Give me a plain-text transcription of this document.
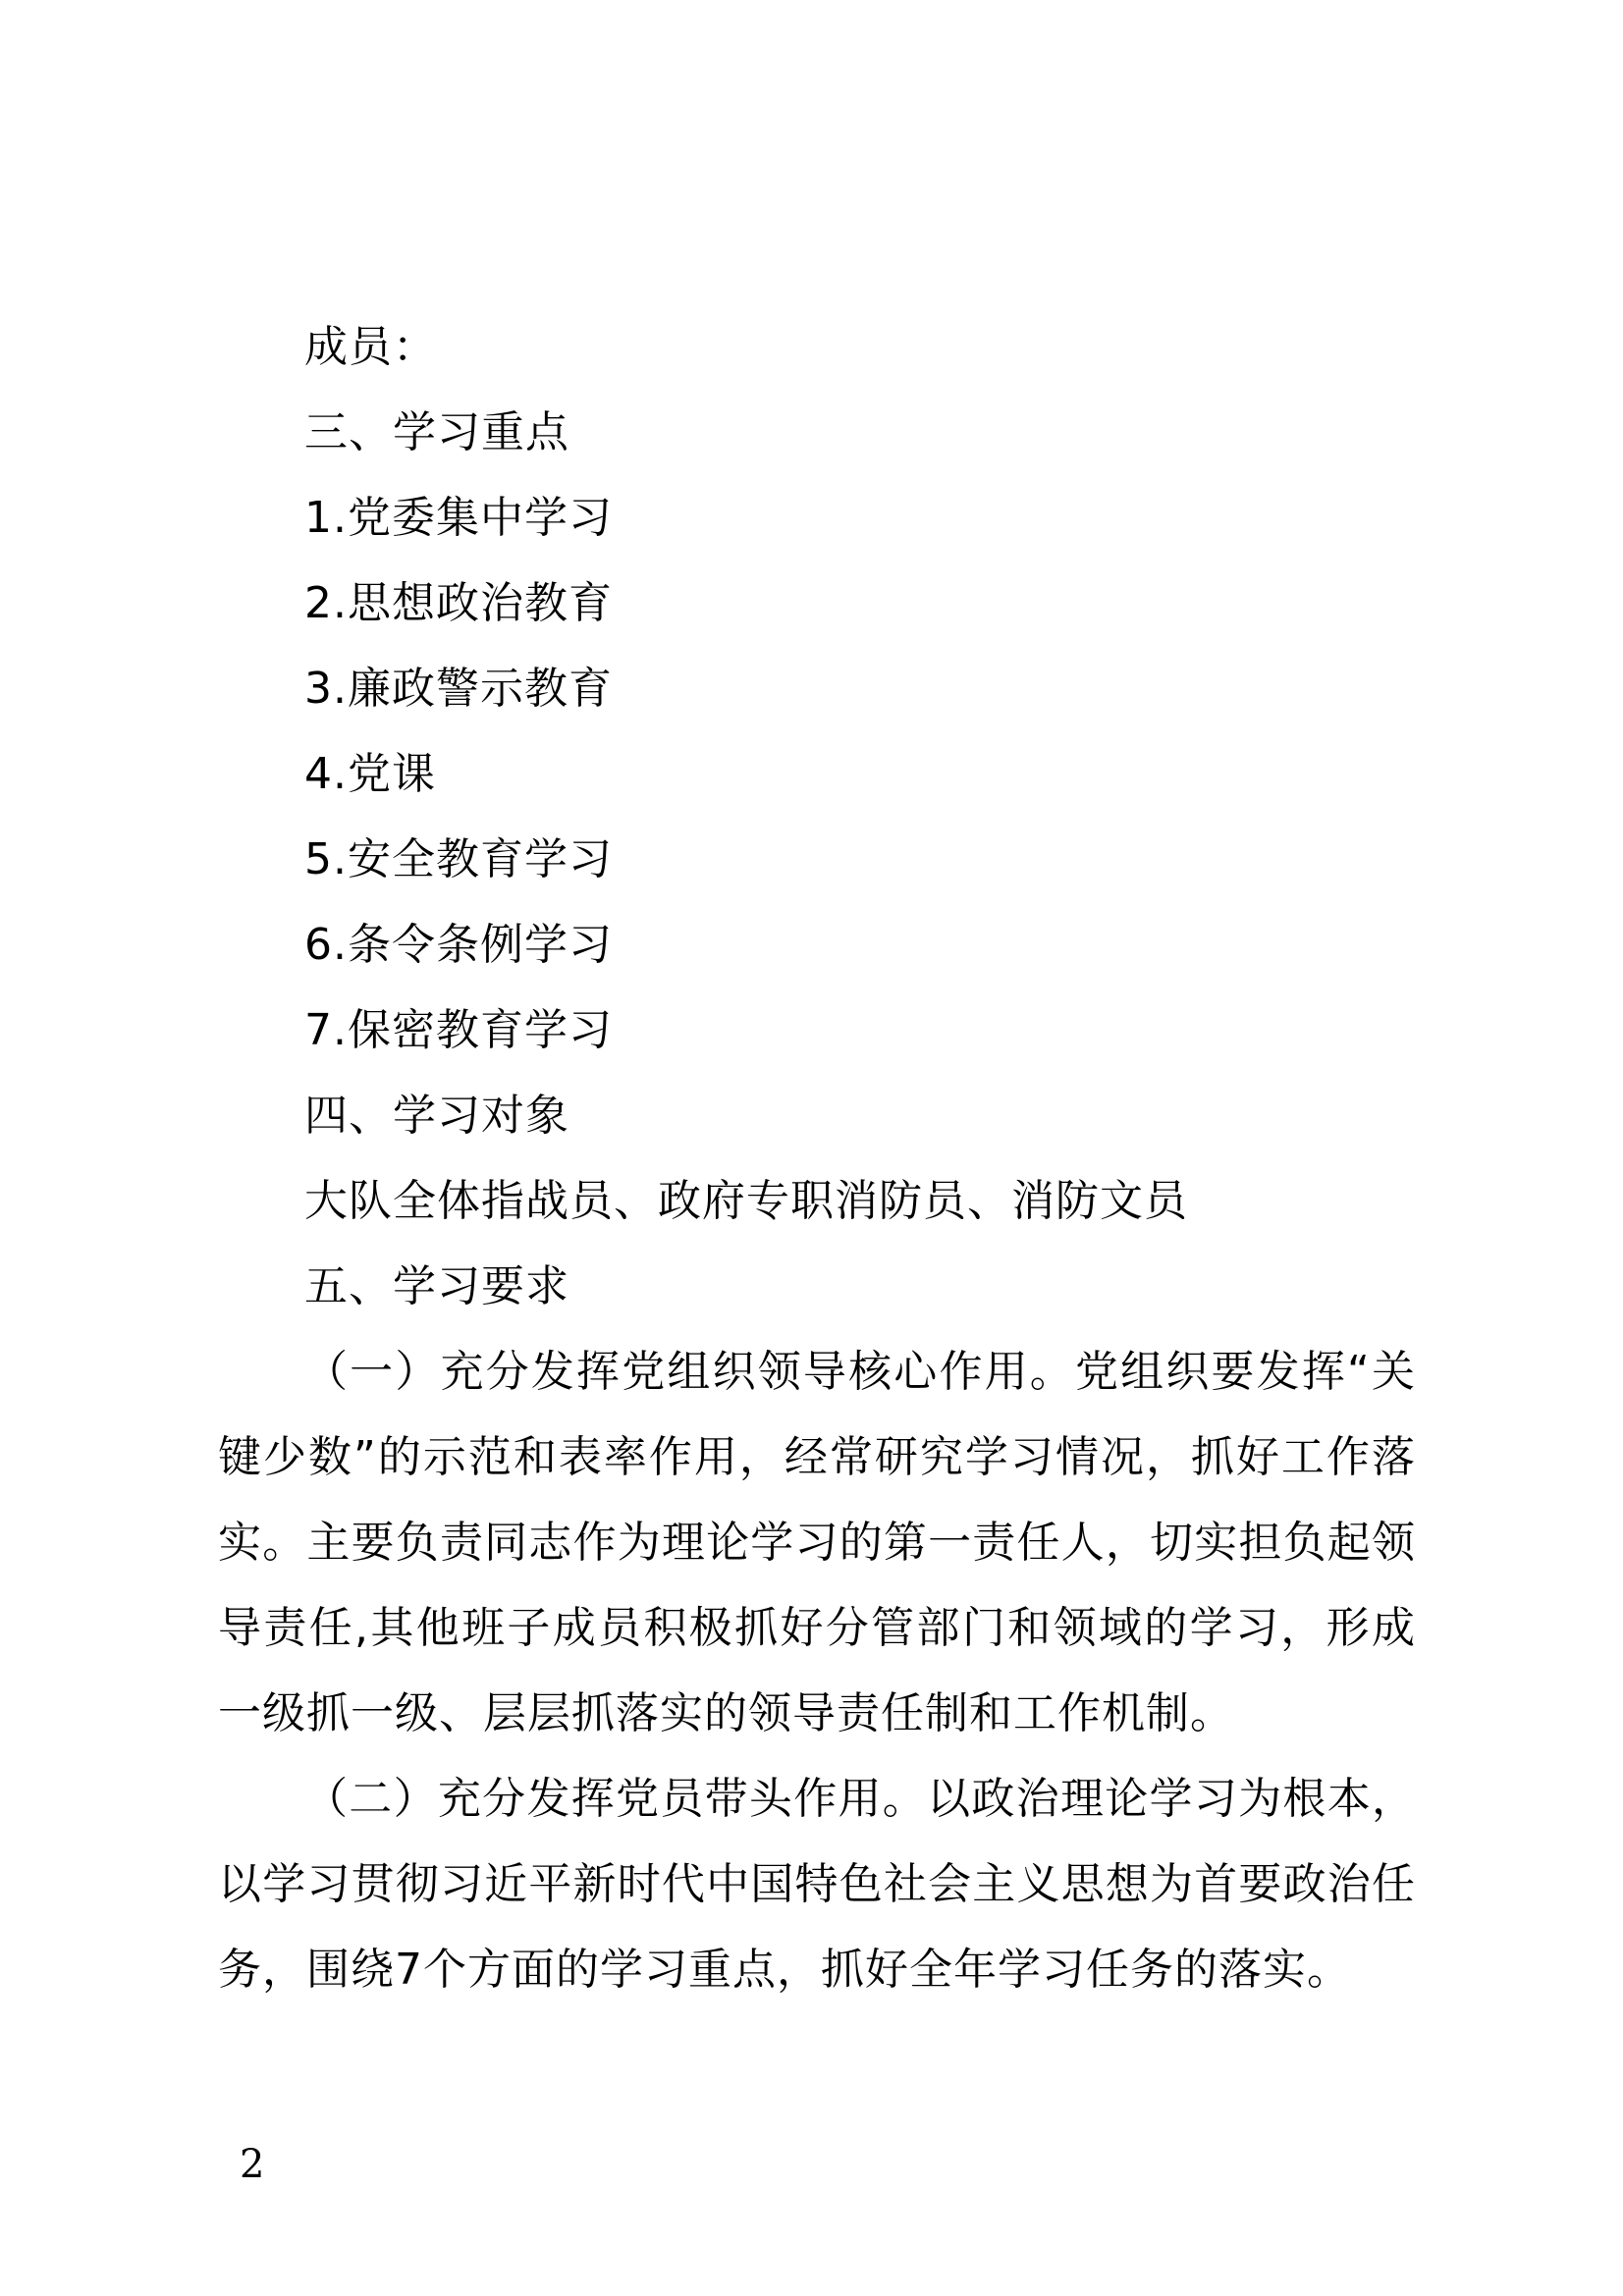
成员：
三、学习重点
1.党委集中学习
2.思想政治教育
3.廉政警示教育
4.党课
5.安全教育学习
6.条令条例学习
7.保密教育学习
四、学习对象
大队全体指战员、政府专职消防员、消防文员
五、学习要求
（一）充分发挥党组织领导核心作用。党组织要发挥“关键少数”的示范和表率作用，经常研究学习情况，抓好工作落实。主要负责同志作为理论学习的第一责任人，切实担负起领导责任,其他班子成员积极抓好分管部门和领域的学习，形成一级抓一级、层层抓落实的领导责任制和工作机制。
（二）充分发挥党员带头作用。以政治理论学习为根本，以学习贯彻习近平新时代中国特色社会主义思想为首要政治任务，围绕7个方面的学习重点，抓好全年学习任务的落实。
2
